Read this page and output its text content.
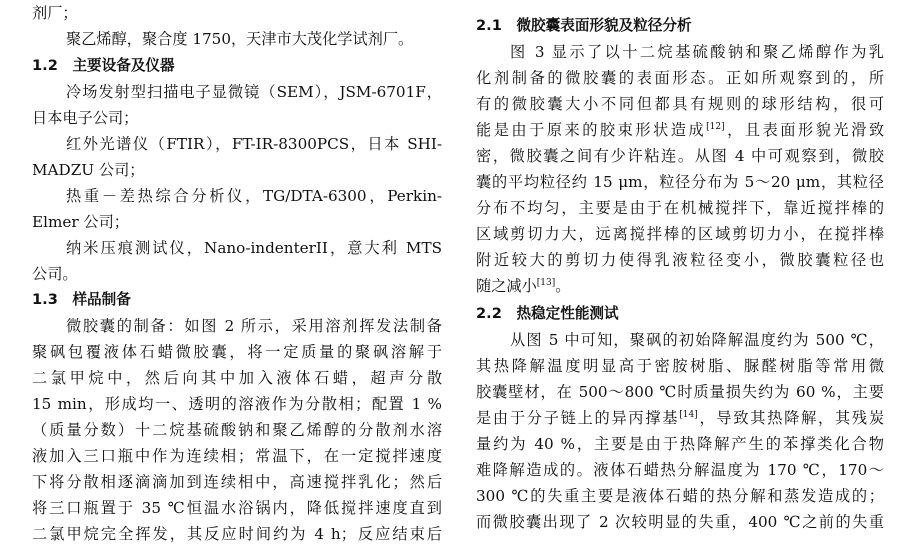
剂厂；
聚乙烯醇，聚合度 1750，天津市大茂化学试剂厂。
1.2　主要设备及仪器
冷场发射型扫描电子显微镜（SEM），JSM-6701F，
日本电子公司；
红外光谱仪（FTIR），FT-IR-8300PCS，日本 SHI-
MADZU 公司；
热重－差热综合分析仪，TG/DTA-6300，Perkin-
Elmer 公司；
纳米压痕测试仪，Nano-indenterII，意大利 MTS
公司。
1.3　样品制备
微胶囊的制备：如图 2 所示，采用溶剂挥发法制备
聚砜包覆液体石蜡微胶囊，将一定质量的聚砜溶解于
二氯甲烷中，然后向其中加入液体石蜡，超声分散
15 min，形成均一、透明的溶液作为分散相；配置 1 %
（质量分数）十二烷基硫酸钠和聚乙烯醇的分散剂水溶
液加入三口瓶中作为连续相；常温下，在一定搅拌速度
下将分散相逐滴滴加到连续相中，高速搅拌乳化；然后
将三口瓶置于 35 ℃恒温水浴锅内，降低搅拌速度直到
二氯甲烷完全挥发，其反应时间约为 4 h；反应结束后
2.1　微胶囊表面形貌及粒径分析
图 3 显示了以十二烷基硫酸钠和聚乙烯醇作为乳
化剂制备的微胶囊的表面形态。正如所观察到的，所
有的微胶囊大小不同但都具有规则的球形结构，很可
能是由于原来的胶束形状造成[12]，且表面形貌光滑致
密，微胶囊之间有少许粘连。从图 4 中可观察到，微胶
囊的平均粒径约 15 μm，粒径分布为 5～20 μm，其粒径
分布不均匀，主要是由于在机械搅拌下，靠近搅拌棒的
区域剪切力大，远离搅拌棒的区域剪切力小，在搅拌棒
附近较大的剪切力使得乳液粒径变小，微胶囊粒径也
随之减小[13]。
2.2　热稳定性能测试
从图 5 中可知，聚砜的初始降解温度约为 500 ℃，
其热降解温度明显高于密胺树脂、脲醛树脂等常用微
胶囊壁材，在 500～800 ℃时质量损失约为 60 %，主要
是由于分子链上的异丙撑基[14]，导致其热降解，其残炭
量约为 40 %，主要是由于热降解产生的苯撑类化合物
难降解造成的。液体石蜡热分解温度为 170 ℃，170～
300 ℃的失重主要是液体石蜡的热分解和蒸发造成的；
而微胶囊出现了 2 次较明显的失重，400 ℃之前的失重
